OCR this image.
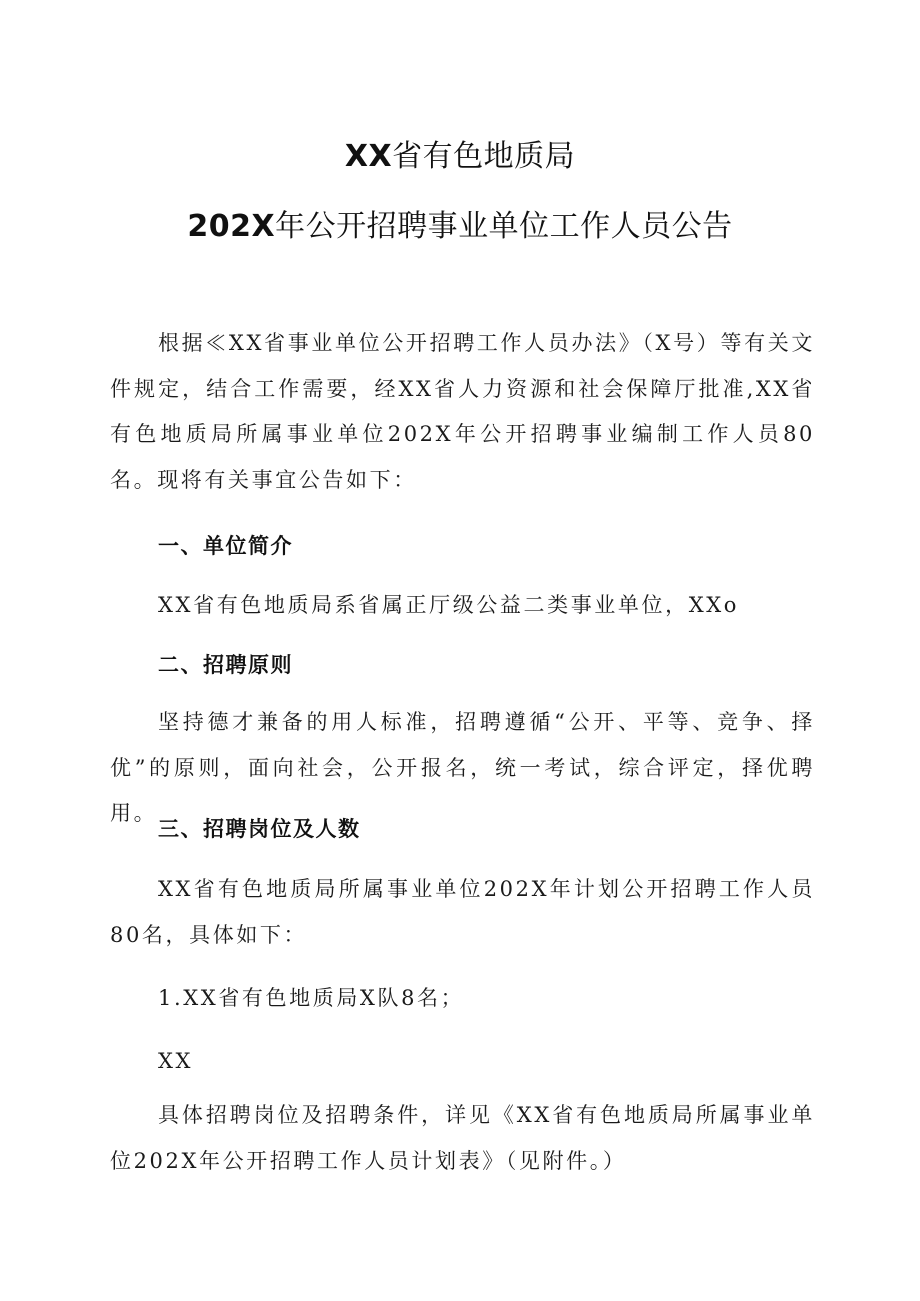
XX省有色地质局
202X年公开招聘事业单位工作人员公告
根据≪XX省事业单位公开招聘工作人员办法》（X号）等有关文件规定，结合工作需要，经XX省人力资源和社会保障厅批准,XX省有色地质局所属事业单位202X年公开招聘事业编制工作人员80名。现将有关事宜公告如下：
一、单位简介
XX省有色地质局系省属正厅级公益二类事业单位，XXo
二、招聘原则
坚持德才兼备的用人标准，招聘遵循“公开、平等、竞争、择优”的原则，面向社会，公开报名，统一考试，综合评定，择优聘用。
三、招聘岗位及人数
XX省有色地质局所属事业单位202X年计划公开招聘工作人员80名，具体如下：
1.XX省有色地质局X队8名；
XX
具体招聘岗位及招聘条件，详见《XX省有色地质局所属事业单位202X年公开招聘工作人员计划表》（见附件。）
